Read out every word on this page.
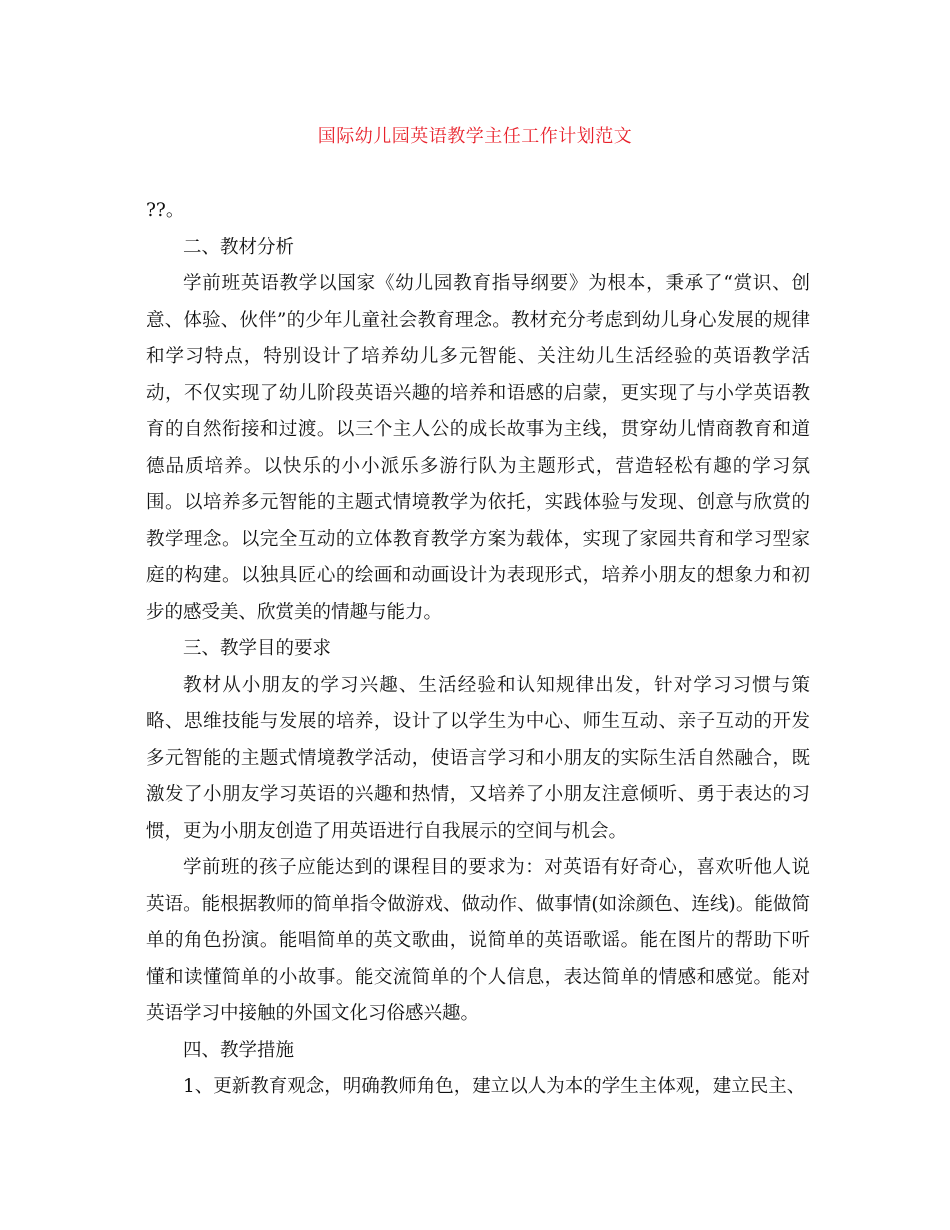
国际幼儿园英语教学主任工作计划范文

??。

二、教材分析

学前班英语教学以国家《幼儿园教育指导纲要》为根本，秉承了“赏识、创意、体验、伙伴”的少年儿童社会教育理念。教材充分考虑到幼儿身心发展的规律和学习特点，特别设计了培养幼儿多元智能、关注幼儿生活经验的英语教学活动，不仅实现了幼儿阶段英语兴趣的培养和语感的启蒙，更实现了与小学英语教育的自然衔接和过渡。以三个主人公的成长故事为主线，贯穿幼儿情商教育和道德品质培养。以快乐的小小派乐多游行队为主题形式，营造轻松有趣的学习氛围。以培养多元智能的主题式情境教学为依托，实践体验与发现、创意与欣赏的教学理念。以完全互动的立体教育教学方案为载体，实现了家园共育和学习型家庭的构建。以独具匠心的绘画和动画设计为表现形式，培养小朋友的想象力和初步的感受美、欣赏美的情趣与能力。

三、教学目的要求

教材从小朋友的学习兴趣、生活经验和认知规律出发，针对学习习惯与策略、思维技能与发展的培养，设计了以学生为中心、师生互动、亲子互动的开发多元智能的主题式情境教学活动，使语言学习和小朋友的实际生活自然融合，既激发了小朋友学习英语的兴趣和热情，又培养了小朋友注意倾听、勇于表达的习惯，更为小朋友创造了用英语进行自我展示的空间与机会。

学前班的孩子应能达到的课程目的要求为：对英语有好奇心，喜欢听他人说英语。能根据教师的简单指令做游戏、做动作、做事情(如涂颜色、连线)。能做简单的角色扮演。能唱简单的英文歌曲，说简单的英语歌谣。能在图片的帮助下听懂和读懂简单的小故事。能交流简单的个人信息，表达简单的情感和感觉。能对英语学习中接触的外国文化习俗感兴趣。

四、教学措施

1、更新教育观念，明确教师角色，建立以人为本的学生主体观，建立民主、
